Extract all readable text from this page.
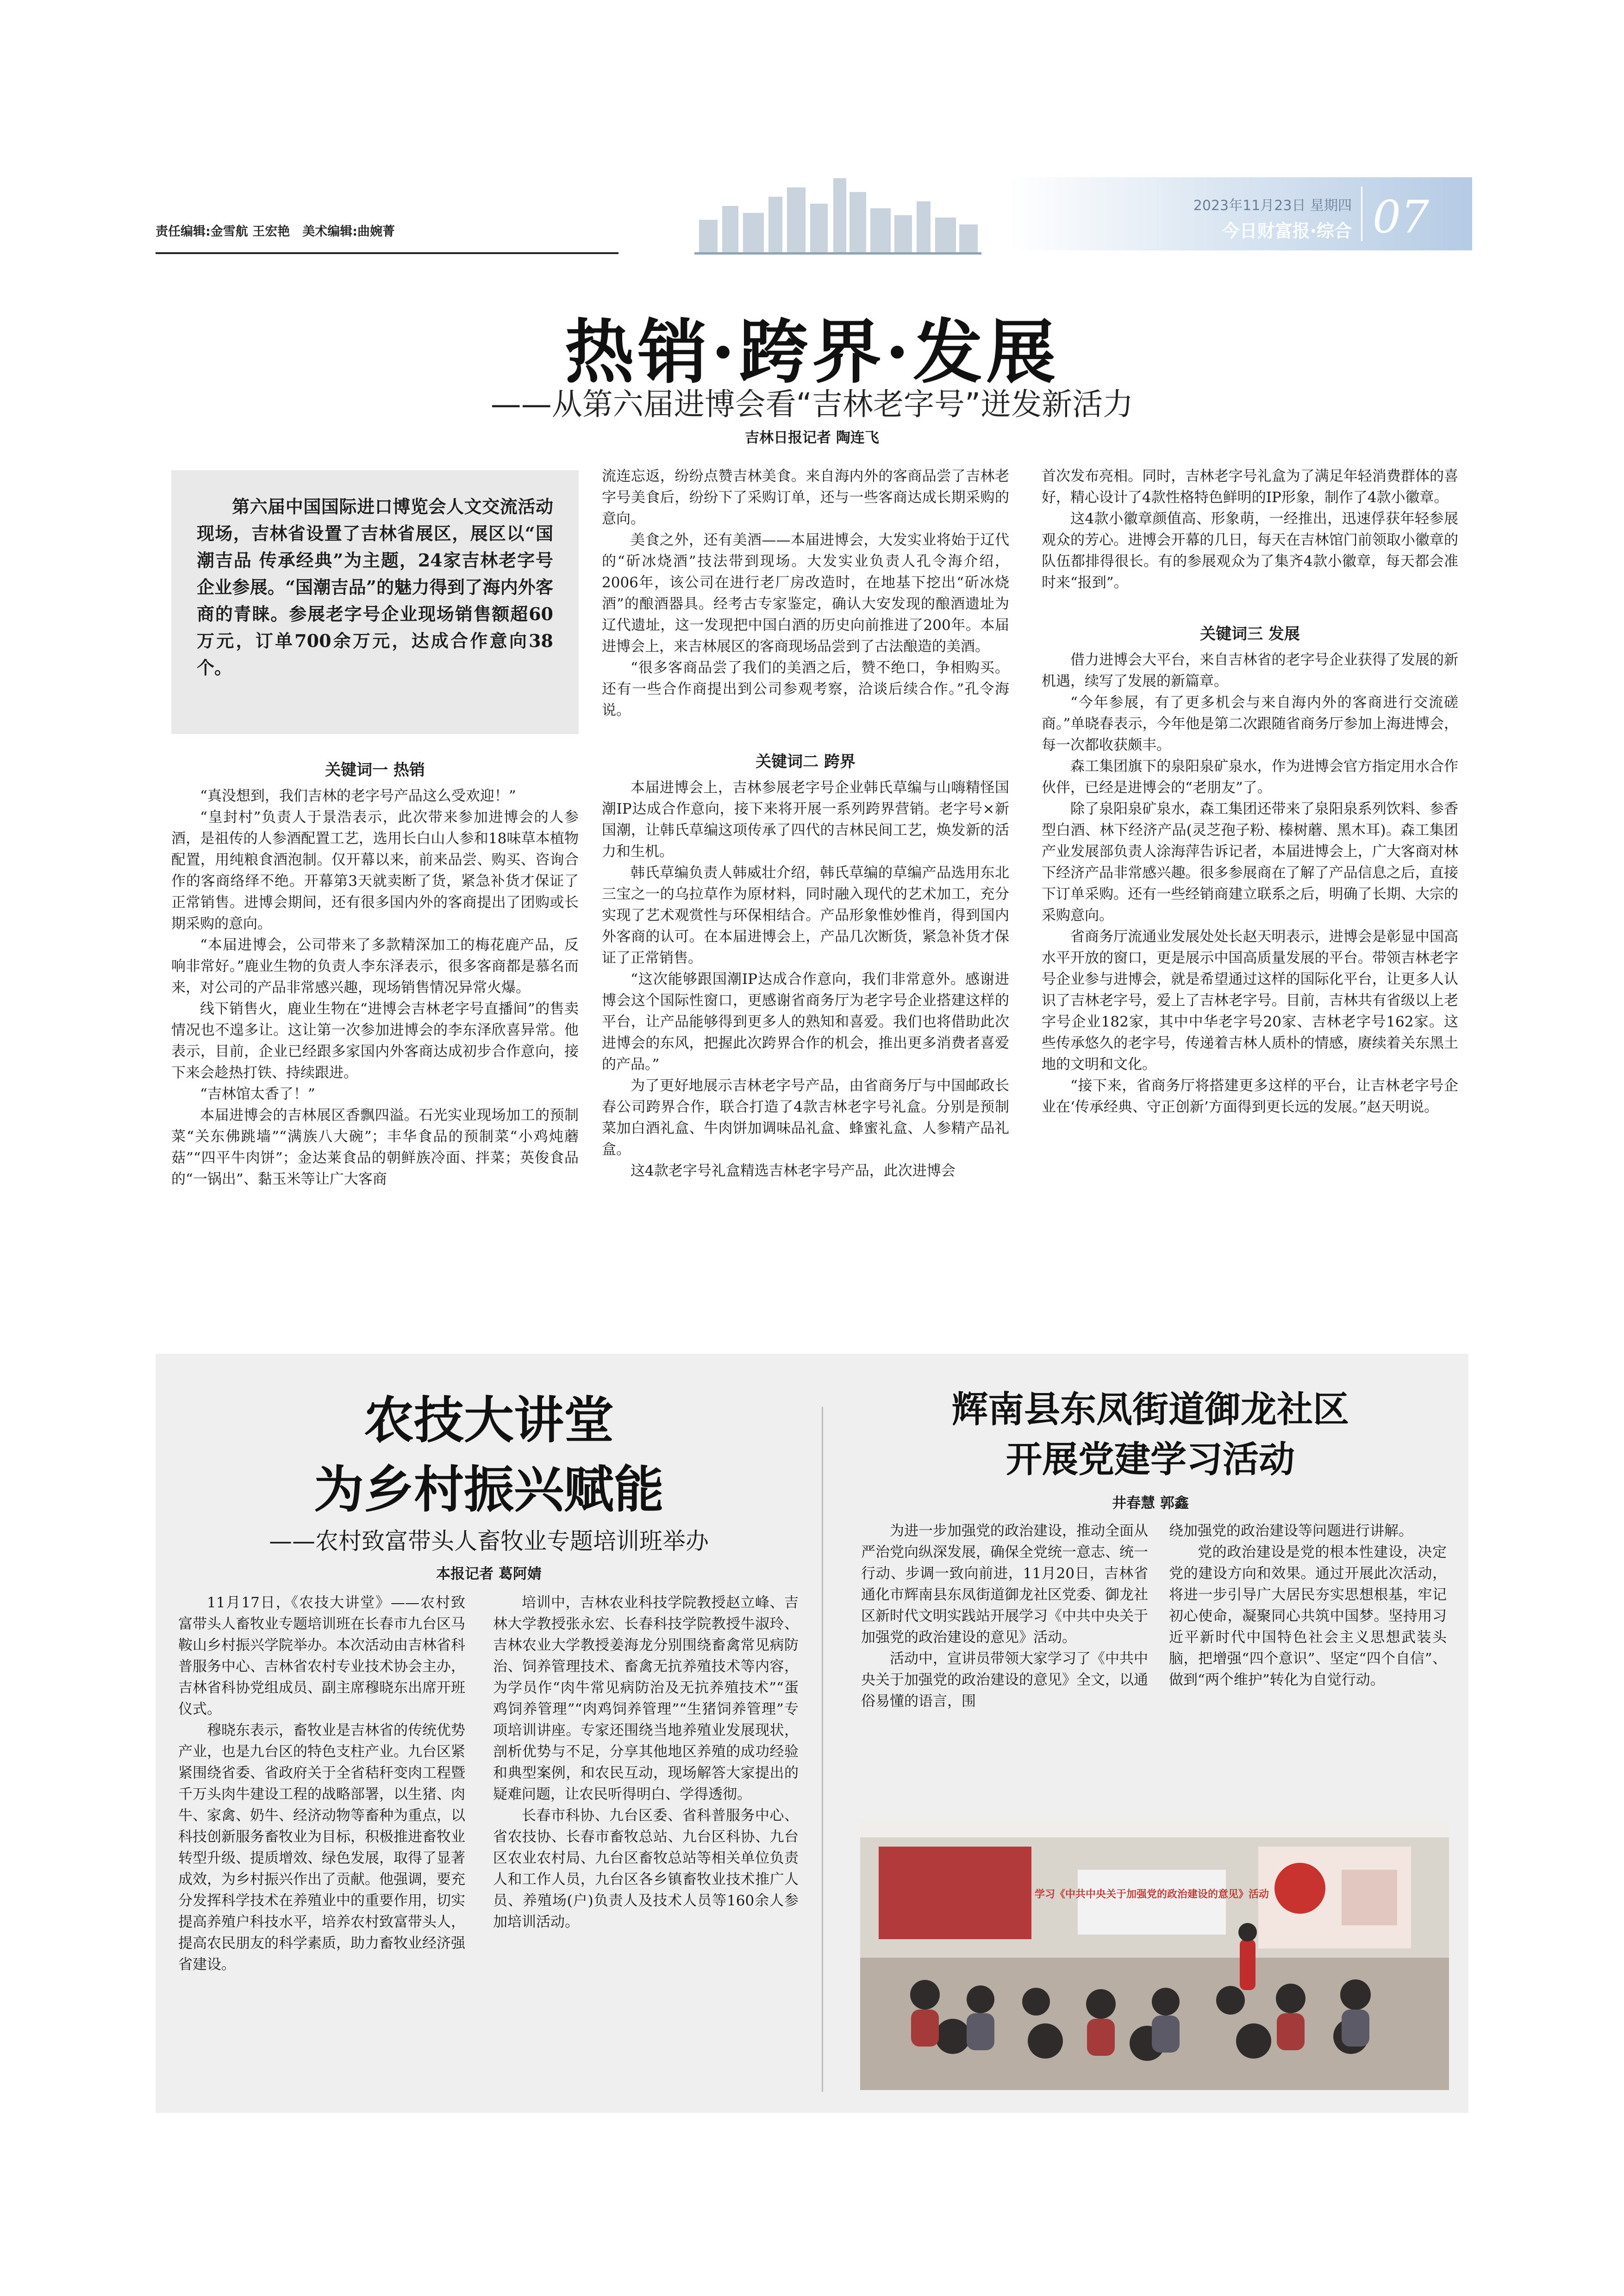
责任编辑:金雪航 王宏艳　美术编辑:曲婉菁
2023年11月23日 星期四
今日财富报·综合 07
热销·跨界·发展
——从第六届进博会看“吉林老字号”迸发新活力
吉林日报记者 陶连飞

第六届中国国际进口博览会人文交流活动现场，吉林省设置了吉林省展区，展区以“国潮吉品 传承经典”为主题，24家吉林老字号企业参展。“国潮吉品”的魅力得到了海内外客商的青睐。参展老字号企业现场销售额超60万元，订单700余万元，达成合作意向38个。

关键词一 热销

“真没想到，我们吉林的老字号产品这么受欢迎！”

“皇封村”负责人于景浩表示，此次带来参加进博会的人参酒，是祖传的人参酒配置工艺，选用长白山人参和18味草本植物配置，用纯粮食酒泡制。仅开幕以来，前来品尝、购买、咨询合作的客商络绎不绝。开幕第3天就卖断了货，紧急补货才保证了正常销售。进博会期间，还有很多国内外的客商提出了团购或长期采购的意向。

“本届进博会，公司带来了多款精深加工的梅花鹿产品，反响非常好。”鹿业生物的负责人李东泽表示，很多客商都是慕名而来，对公司的产品非常感兴趣，现场销售情况异常火爆。

线下销售火，鹿业生物在“进博会吉林老字号直播间”的售卖情况也不遑多让。这让第一次参加进博会的李东泽欣喜异常。他表示，目前，企业已经跟多家国内外客商达成初步合作意向，接下来会趁热打铁、持续跟进。

“吉林馆太香了！”

本届进博会的吉林展区香飘四溢。石光实业现场加工的预制菜“关东佛跳墙”“满族八大碗”；丰华食品的预制菜“小鸡炖蘑菇”“四平牛肉饼”；金达莱食品的朝鲜族冷面、拌菜；英俊食品的“一锅出”、黏玉米等让广大客商

流连忘返，纷纷点赞吉林美食。来自海内外的客商品尝了吉林老字号美食后，纷纷下了采购订单，还与一些客商达成长期采购的意向。

美食之外，还有美酒——本届进博会，大发实业将始于辽代的“斫冰烧酒”技法带到现场。大发实业负责人孔令海介绍，2006年，该公司在进行老厂房改造时，在地基下挖出“斫冰烧酒”的酿酒器具。经考古专家鉴定，确认大安发现的酿酒遗址为辽代遗址，这一发现把中国白酒的历史向前推进了200年。本届进博会上，来吉林展区的客商现场品尝到了古法酿造的美酒。

“很多客商品尝了我们的美酒之后，赞不绝口，争相购买。还有一些合作商提出到公司参观考察，洽谈后续合作。”孔令海说。

关键词二 跨界

本届进博会上，吉林参展老字号企业韩氏草编与山嗨精怪国潮IP达成合作意向，接下来将开展一系列跨界营销。老字号×新国潮，让韩氏草编这项传承了四代的吉林民间工艺，焕发新的活力和生机。

韩氏草编负责人韩威壮介绍，韩氏草编的草编产品选用东北三宝之一的乌拉草作为原材料，同时融入现代的艺术加工，充分实现了艺术观赏性与环保相结合。产品形象惟妙惟肖，得到国内外客商的认可。在本届进博会上，产品几次断货，紧急补货才保证了正常销售。

“这次能够跟国潮IP达成合作意向，我们非常意外。感谢进博会这个国际性窗口，更感谢省商务厅为老字号企业搭建这样的平台，让产品能够得到更多人的熟知和喜爱。我们也将借助此次进博会的东风，把握此次跨界合作的机会，推出更多消费者喜爱的产品。”

为了更好地展示吉林老字号产品，由省商务厅与中国邮政长春公司跨界合作，联合打造了4款吉林老字号礼盒。分别是预制菜加白酒礼盒、牛肉饼加调味品礼盒、蜂蜜礼盒、人参精产品礼盒。

这4款老字号礼盒精选吉林老字号产品，此次进博会

首次发布亮相。同时，吉林老字号礼盒为了满足年轻消费群体的喜好，精心设计了4款性格特色鲜明的IP形象，制作了4款小徽章。

这4款小徽章颜值高、形象萌，一经推出，迅速俘获年轻参展观众的芳心。进博会开幕的几日，每天在吉林馆门前领取小徽章的队伍都排得很长。有的参展观众为了集齐4款小徽章，每天都会准时来“报到”。

关键词三 发展

借力进博会大平台，来自吉林省的老字号企业获得了发展的新机遇，续写了发展的新篇章。

“今年参展，有了更多机会与来自海内外的客商进行交流磋商。”单晓春表示，今年他是第二次跟随省商务厅参加上海进博会，每一次都收获颇丰。

森工集团旗下的泉阳泉矿泉水，作为进博会官方指定用水合作伙伴，已经是进博会的“老朋友”了。

除了泉阳泉矿泉水，森工集团还带来了泉阳泉系列饮料、参香型白酒、林下经济产品(灵芝孢子粉、榛树蘑、黑木耳)。森工集团产业发展部负责人涂海萍告诉记者，本届进博会上，广大客商对林下经济产品非常感兴趣。很多参展商在了解了产品信息之后，直接下订单采购。还有一些经销商建立联系之后，明确了长期、大宗的采购意向。

省商务厅流通业发展处处长赵天明表示，进博会是彰显中国高水平开放的窗口，更是展示中国高质量发展的平台。带领吉林老字号企业参与进博会，就是希望通过这样的国际化平台，让更多人认识了吉林老字号，爱上了吉林老字号。目前，吉林共有省级以上老字号企业182家，其中中华老字号20家、吉林老字号162家。这些传承悠久的老字号，传递着吉林人质朴的情感，赓续着关东黑土地的文明和文化。

“接下来，省商务厅将搭建更多这样的平台，让吉林老字号企业在‘传承经典、守正创新’方面得到更长远的发展。”赵天明说。

农技大讲堂
为乡村振兴赋能
——农村致富带头人畜牧业专题培训班举办
本报记者 葛阿婧

11月17日，《农技大讲堂》——农村致富带头人畜牧业专题培训班在长春市九台区马鞍山乡村振兴学院举办。本次活动由吉林省科普服务中心、吉林省农村专业技术协会主办，吉林省科协党组成员、副主席穆晓东出席开班仪式。

穆晓东表示，畜牧业是吉林省的传统优势产业，也是九台区的特色支柱产业。九台区紧紧围绕省委、省政府关于全省秸秆变肉工程暨千万头肉牛建设工程的战略部署，以生猪、肉牛、家禽、奶牛、经济动物等畜种为重点，以科技创新服务畜牧业为目标，积极推进畜牧业转型升级、提质增效、绿色发展，取得了显著成效，为乡村振兴作出了贡献。他强调，要充分发挥科学技术在养殖业中的重要作用，切实提高养殖户科技水平，培养农村致富带头人，提高农民朋友的科学素质，助力畜牧业经济强省建设。

培训中，吉林农业科技学院教授赵立峰、吉林大学教授张永宏、长春科技学院教授牛淑玲、吉林农业大学教授姜海龙分别围绕畜禽常见病防治、饲养管理技术、畜禽无抗养殖技术等内容，为学员作“肉牛常见病防治及无抗养殖技术”“蛋鸡饲养管理”“肉鸡饲养管理”“生猪饲养管理”专项培训讲座。专家还围绕当地养殖业发展现状，剖析优势与不足，分享其他地区养殖的成功经验和典型案例，和农民互动，现场解答大家提出的疑难问题，让农民听得明白、学得透彻。

长春市科协、九台区委、省科普服务中心、省农技协、长春市畜牧总站、九台区科协、九台区农业农村局、九台区畜牧总站等相关单位负责人和工作人员，九台区各乡镇畜牧业技术推广人员、养殖场(户)负责人及技术人员等160余人参加培训活动。

辉南县东凤街道御龙社区
开展党建学习活动
井春慧 郭鑫

为进一步加强党的政治建设，推动全面从严治党向纵深发展，确保全党统一意志、统一行动、步调一致向前进，11月20日，吉林省通化市辉南县东凤街道御龙社区党委、御龙社区新时代文明实践站开展学习《中共中央关于加强党的政治建设的意见》活动。

活动中，宣讲员带领大家学习了《中共中央关于加强党的政治建设的意见》全文，以通俗易懂的语言，围

绕加强党的政治建设等问题进行讲解。

党的政治建设是党的根本性建设，决定党的建设方向和效果。通过开展此次活动，将进一步引导广大居民夯实思想根基，牢记初心使命，凝聚同心共筑中国梦。坚持用习近平新时代中国特色社会主义思想武装头脑，把增强“四个意识”、坚定“四个自信”、做到“两个维护”转化为自觉行动。

学习《中共中央关于加强党的政治建设的意见》活动
